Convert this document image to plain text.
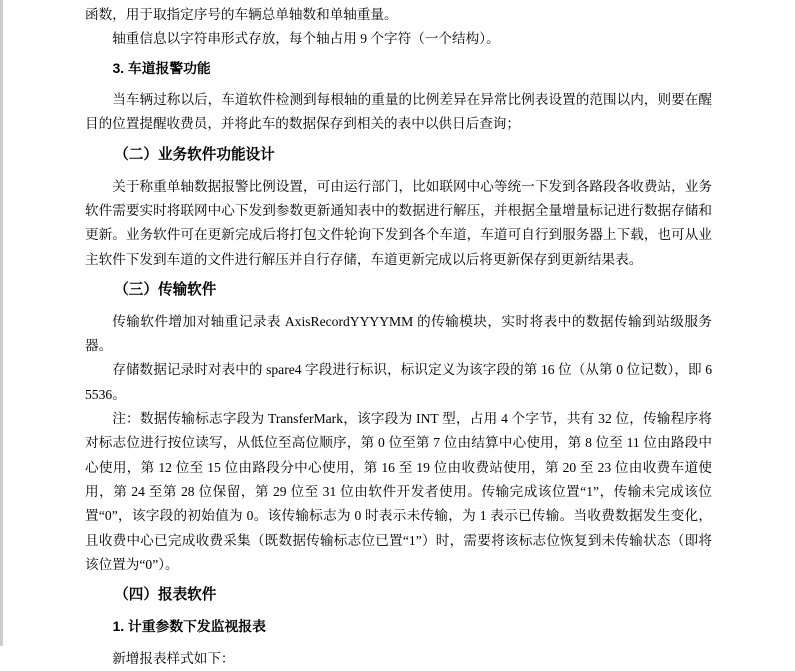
函数，用于取指定序号的车辆总单轴数和单轴重量。

轴重信息以字符串形式存放，每个轴占用 9 个字符（一个结构）。

3. 车道报警功能

当车辆过称以后，车道软件检测到每根轴的重量的比例差异在异常比例表设置的范围以内，则要在醒目的位置提醒收费员，并将此车的数据保存到相关的表中以供日后查询；

（二）业务软件功能设计

关于称重单轴数据报警比例设置，可由运行部门，比如联网中心等统一下发到各路段各收费站，业务软件需要实时将联网中心下发到参数更新通知表中的数据进行解压，并根据全量增量标记进行数据存储和更新。业务软件可在更新完成后将打包文件轮询下发到各个车道，车道可自行到服务器上下载，也可从业主软件下发到车道的文件进行解压并自行存储，车道更新完成以后将更新保存到更新结果表。

（三）传输软件

传输软件增加对轴重记录表 AxisRecordYYYYMM 的传输模块，实时将表中的数据传输到站级服务器。

存储数据记录时对表中的 spare4 字段进行标识，标识定义为该字段的第 16 位（从第 0 位记数），即 65536。

注：数据传输标志字段为 TransferMark，该字段为 INT 型，占用 4 个字节，共有 32 位，传输程序将对标志位进行按位读写，从低位至高位顺序，第 0 位至第 7 位由结算中心使用，第 8 位至 11 位由路段中心使用，第 12 位至 15 位由路段分中心使用，第 16 至 19 位由收费站使用，第 20 至 23 位由收费车道使用，第 24 至第 28 位保留，第 29 位至 31 位由软件开发者使用。传输完成该位置“1”，传输未完成该位置“0”，该字段的初始值为 0。该传输标志为 0 时表示未传输，为 1 表示已传输。当收费数据发生变化，且收费中心已完成收费采集（既数据传输标志位已置“1”）时，需要将该标志位恢复到未传输状态（即将该位置为“0”）。

（四）报表软件

1. 计重参数下发监视报表

新增报表样式如下：
